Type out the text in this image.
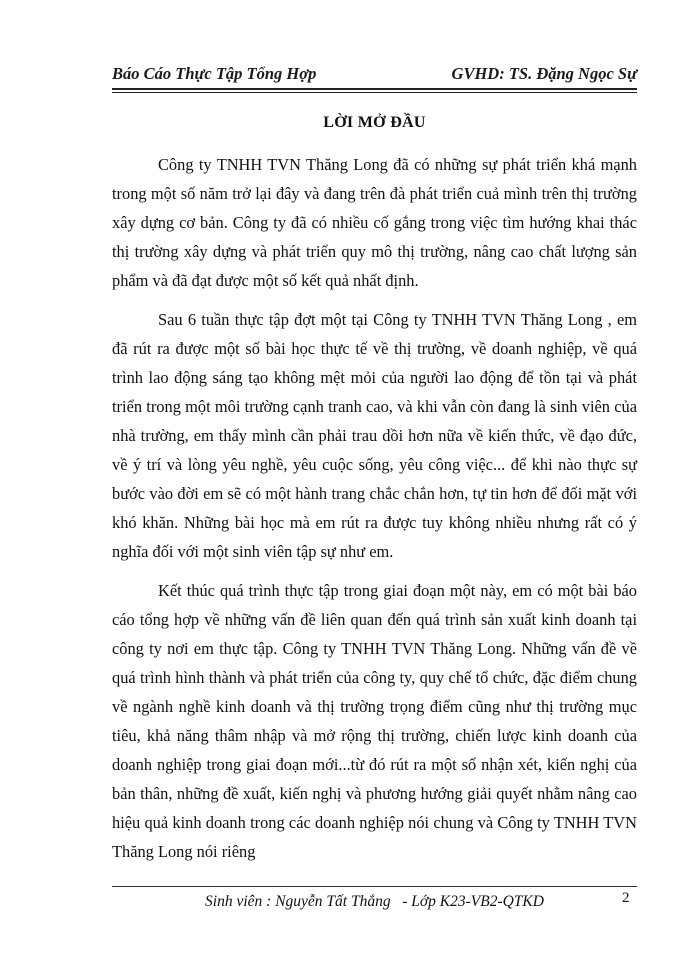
Báo Cáo Thực Tập Tổng Hợp	GVHD: TS. Đặng Ngọc Sự
LỜI MỞ ĐẦU

Công ty TNHH TVN Thăng Long đã có những sự phát triển khá mạnh trong một số năm trở lại đây và đang trên đà phát triển cuả mình trên thị trường xây dựng cơ bản. Công ty đã có nhiều cố gắng trong việc tìm hướng khai thác thị trường xây dựng và phát triển quy mô thị trường, nâng cao chất lượng sản phẩm và đã đạt được một số kết quả nhất định.

Sau 6 tuần thực tập đợt một tại Công ty TNHH TVN Thăng Long , em đã rút ra được một số bài học thực tế về thị trường, về doanh nghiệp, về quá trình lao động sáng tạo không mệt mỏi của người lao động để tồn tại và phát triển trong một môi trường cạnh tranh cao, và khi vẫn còn đang là sinh viên của nhà trường, em thấy mình cần phải trau dồi hơn nữa về kiến thức, về đạo đức, về ý trí và lòng yêu nghề, yêu cuộc sống, yêu công việc... để khi nào thực sự bước vào đời em sẽ có một hành trang chắc chắn hơn, tự tin hơn để đối mặt với khó khăn. Những bài học mà em rút ra được tuy không nhiều nhưng rất có ý nghĩa đối với một sinh viên tập sự như em.

Kết thúc quá trình thực tập trong giai đoạn một này, em có một bài báo cáo tổng hợp về những vấn đề liên quan đến quá trình sản xuất kinh doanh tại công ty nơi em thực tập. Công ty TNHH TVN Thăng Long. Những vấn đề về quá trình hình thành và phát triển của công ty, quy chế tổ chức, đặc điểm chung về ngành nghề kinh doanh và thị trường trọng điểm cũng như thị trường mục tiêu, khả năng thâm nhập và mở rộng thị trường, chiến lược kinh doanh của doanh nghiệp trong giai đoạn mới...từ đó rút ra một số nhận xét, kiến nghị của bản thân, những đề xuất, kiến nghị và phương hướng giải quyết nhằm nâng cao hiệu quả kinh doanh trong các doanh nghiệp nói chung và Công ty TNHH TVN Thăng Long nói riêng

Sinh viên : Nguyễn Tất Thắng   - Lớp K23-VB2-QTKD	2
